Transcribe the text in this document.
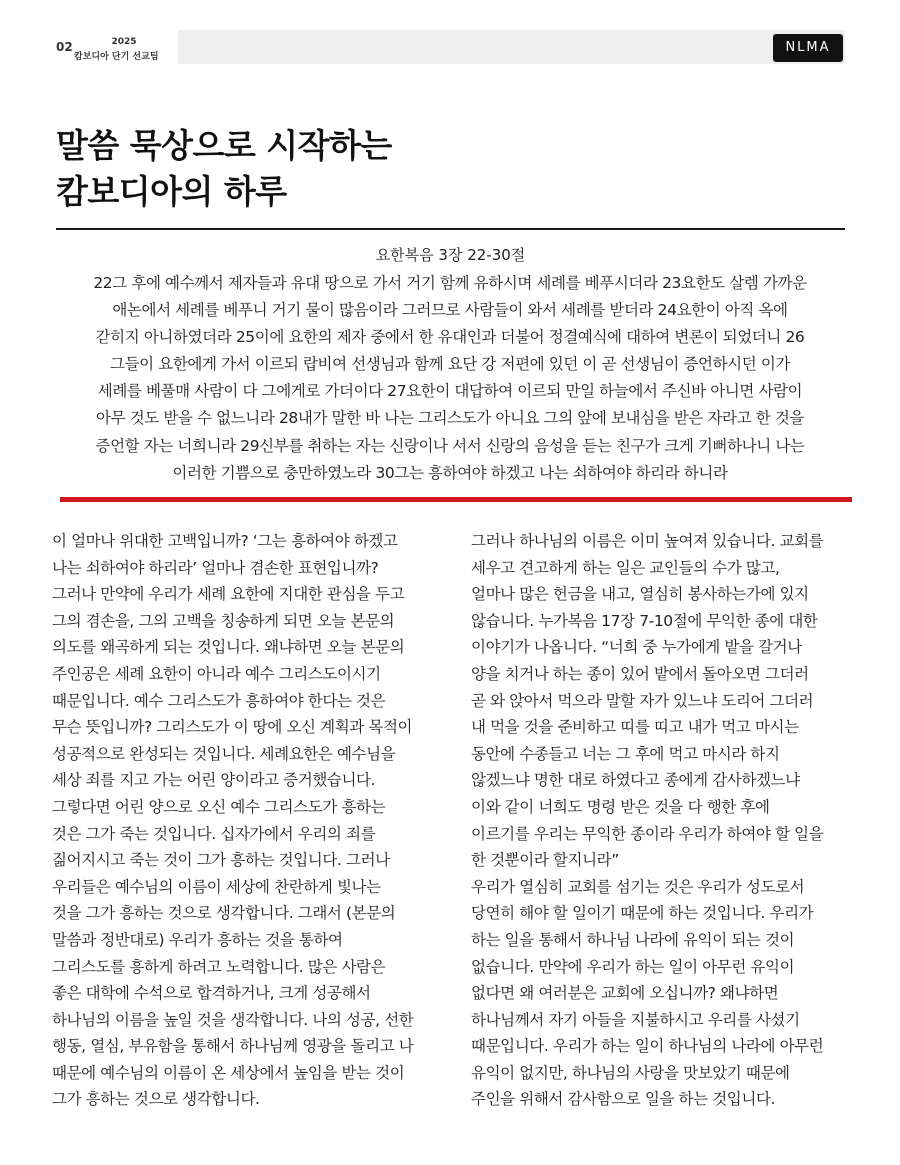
02	2025
캄보디아 단기 선교팀
NLMA
말씀 묵상으로 시작하는
캄보디아의 하루
요한복음 3장 22-30절
22그 후에 예수께서 제자들과 유대 땅으로 가서 거기 함께 유하시며 세례를 베푸시더라 23요한도 살렘 가까운
애논에서 세례를 베푸니 거기 물이 많음이라 그러므로 사람들이 와서 세례를 받더라 24요한이 아직 옥에
갇히지 아니하였더라 25이에 요한의 제자 중에서 한 유대인과 더불어 정결예식에 대하여 변론이 되었더니 26
그들이 요한에게 가서 이르되 랍비여 선생님과 함께 요단 강 저편에 있던 이 곧 선생님이 증언하시던 이가
세례를 베풀매 사람이 다 그에게로 가더이다 27요한이 대답하여 이르되 만일 하늘에서 주신바 아니면 사람이
아무 것도 받을 수 없느니라 28내가 말한 바 나는 그리스도가 아니요 그의 앞에 보내심을 받은 자라고 한 것을
증언할 자는 너희니라 29신부를 취하는 자는 신랑이나 서서 신랑의 음성을 듣는 친구가 크게 기뻐하나니 나는
이러한 기쁨으로 충만하였노라 30그는 흥하여야 하겠고 나는 쇠하여야 하리라 하니라
이 얼마나 위대한 고백입니까? ‘그는 흥하여야 하겠고
나는 쇠하여야 하리라’ 얼마나 겸손한 표현입니까?
그러나 만약에 우리가 세례 요한에 지대한 관심을 두고
그의 겸손을, 그의 고백을 칭송하게 되면 오늘 본문의
의도를 왜곡하게 되는 것입니다. 왜냐하면 오늘 본문의
주인공은 세례 요한이 아니라 예수 그리스도이시기
때문입니다. 예수 그리스도가 흥하여야 한다는 것은
무슨 뜻입니까? 그리스도가 이 땅에 오신 계획과 목적이
성공적으로 완성되는 것입니다. 세례요한은 예수님을
세상 죄를 지고 가는 어린 양이라고 증거했습니다.
그렇다면 어린 양으로 오신 예수 그리스도가 흥하는
것은 그가 죽는 것입니다. 십자가에서 우리의 죄를
짊어지시고 죽는 것이 그가 흥하는 것입니다. 그러나
우리들은 예수님의 이름이 세상에 찬란하게 빛나는
것을 그가 흥하는 것으로 생각합니다. 그래서 (본문의
말씀과 정반대로) 우리가 흥하는 것을 통하여
그리스도를 흥하게 하려고 노력합니다. 많은 사람은
좋은 대학에 수석으로 합격하거나, 크게 성공해서
하나님의 이름을 높일 것을 생각합니다. 나의 성공, 선한
행동, 열심, 부유함을 통해서 하나님께 영광을 돌리고 나
때문에 예수님의 이름이 온 세상에서 높임을 받는 것이
그가 흥하는 것으로 생각합니다.
그러나 하나님의 이름은 이미 높여져 있습니다. 교회를
세우고 견고하게 하는 일은 교인들의 수가 많고,
얼마나 많은 헌금을 내고, 열심히 봉사하는가에 있지
않습니다. 누가복음 17장 7-10절에 무익한 종에 대한
이야기가 나옵니다. “너희 중 누가에게 밭을 갈거나
양을 치거나 하는 종이 있어 밭에서 돌아오면 그더러
곧 와 앉아서 먹으라 말할 자가 있느냐 도리어 그더러
내 먹을 것을 준비하고 띠를 띠고 내가 먹고 마시는
동안에 수종들고 너는 그 후에 먹고 마시라 하지
않겠느냐 명한 대로 하였다고 종에게 감사하겠느냐
이와 같이 너희도 명령 받은 것을 다 행한 후에
이르기를 우리는 무익한 종이라 우리가 하여야 할 일을
한 것뿐이라 할지니라”
우리가 열심히 교회를 섬기는 것은 우리가 성도로서
당연히 해야 할 일이기 때문에 하는 것입니다. 우리가
하는 일을 통해서 하나님 나라에 유익이 되는 것이
없습니다. 만약에 우리가 하는 일이 아무런 유익이
없다면 왜 여러분은 교회에 오십니까? 왜냐하면
하나님께서 자기 아들을 지불하시고 우리를 사셨기
때문입니다. 우리가 하는 일이 하나님의 나라에 아무런
유익이 없지만, 하나님의 사랑을 맛보았기 때문에
주인을 위해서 감사함으로 일을 하는 것입니다.
